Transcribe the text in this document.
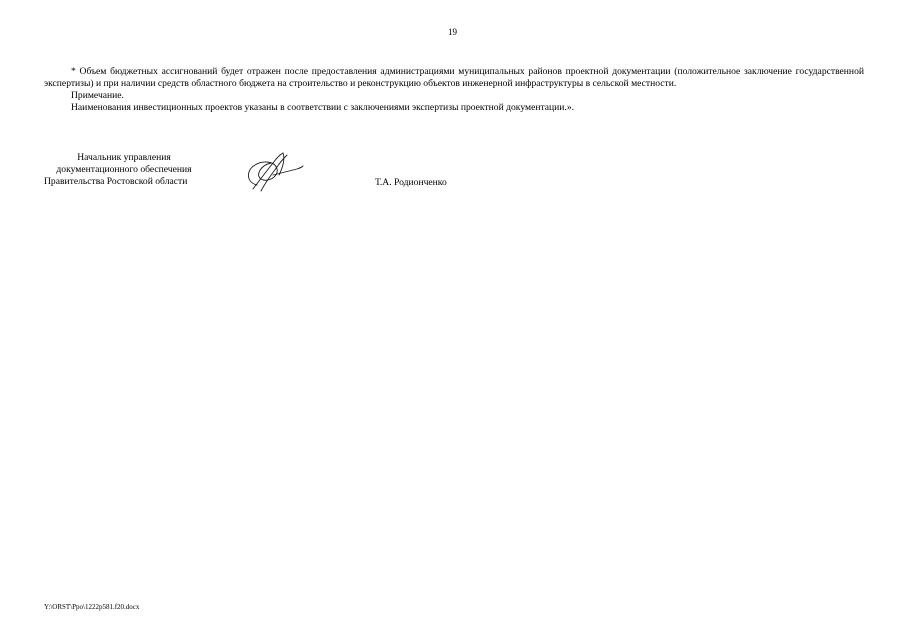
19

* Объем бюджетных ассигнований будет отражен после предоставления администрациями муниципальных районов проектной документации (положительное заключение государственной экспертизы) и при наличии средств областного бюджета на строительство и реконструкцию объектов инженерной инфраструктуры в сельской местности.

Примечание.

Наименования инвестиционных проектов указаны в соответствии с заключениями экспертизы проектной документации.».

Начальник управления
документационного обеспечения
Правительства Ростовской области	Т.А. Родионченко
Y:\ORST\Ppo\1222p581.f20.docx
